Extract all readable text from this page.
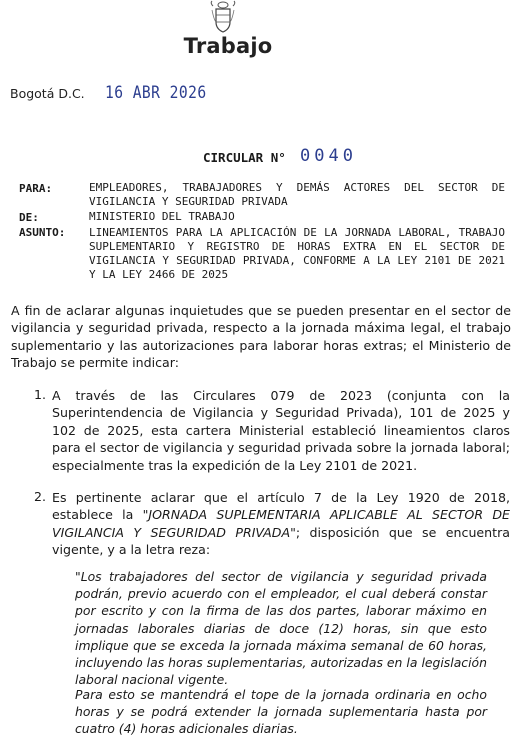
Trabajo
Bogotá D.C. 16 ABR 2026
CIRCULAR N° 0040
PARA:	EMPLEADORES, TRABAJADORES Y DEMÁS ACTORES DEL SECTOR DE VIGILANCIA Y SEGURIDAD PRIVADA
DE:	MINISTERIO DEL TRABAJO
ASUNTO: LINEAMIENTOS PARA LA APLICACIÓN DE LA JORNADA LABORAL, TRABAJO SUPLEMENTARIO Y REGISTRO DE HORAS EXTRA EN EL SECTOR DE VIGILANCIA Y SEGURIDAD PRIVADA, CONFORME A LA LEY 2101 DE 2021 Y LA LEY 2466 DE 2025
A fin de aclarar algunas inquietudes que se pueden presentar en el sector de vigilancia y seguridad privada, respecto a la jornada máxima legal, el trabajo suplementario y las autorizaciones para laborar horas extras; el Ministerio de Trabajo se permite indicar:
1. A través de las Circulares 079 de 2023 (conjunta con la Superintendencia de Vigilancia y Seguridad Privada), 101 de 2025 y 102 de 2025, esta cartera Ministerial estableció lineamientos claros para el sector de vigilancia y seguridad privada sobre la jornada laboral; especialmente tras la expedición de la Ley 2101 de 2021.
2. Es pertinente aclarar que el artículo 7 de la Ley 1920 de 2018, establece la "JORNADA SUPLEMENTARIA APLICABLE AL SECTOR DE VIGILANCIA Y SEGURIDAD PRIVADA"; disposición que se encuentra vigente, y a la letra reza:
"Los trabajadores del sector de vigilancia y seguridad privada podrán, previo acuerdo con el empleador, el cual deberá constar por escrito y con la firma de las dos partes, laborar máximo en jornadas laborales diarias de doce (12) horas, sin que esto implique que se exceda la jornada máxima semanal de 60 horas, incluyendo las horas suplementarias, autorizadas en la legislación laboral nacional vigente.
Para esto se mantendrá el tope de la jornada ordinaria en ocho horas y se podrá extender la jornada suplementaria hasta por cuatro (4) horas adicionales diarias.
